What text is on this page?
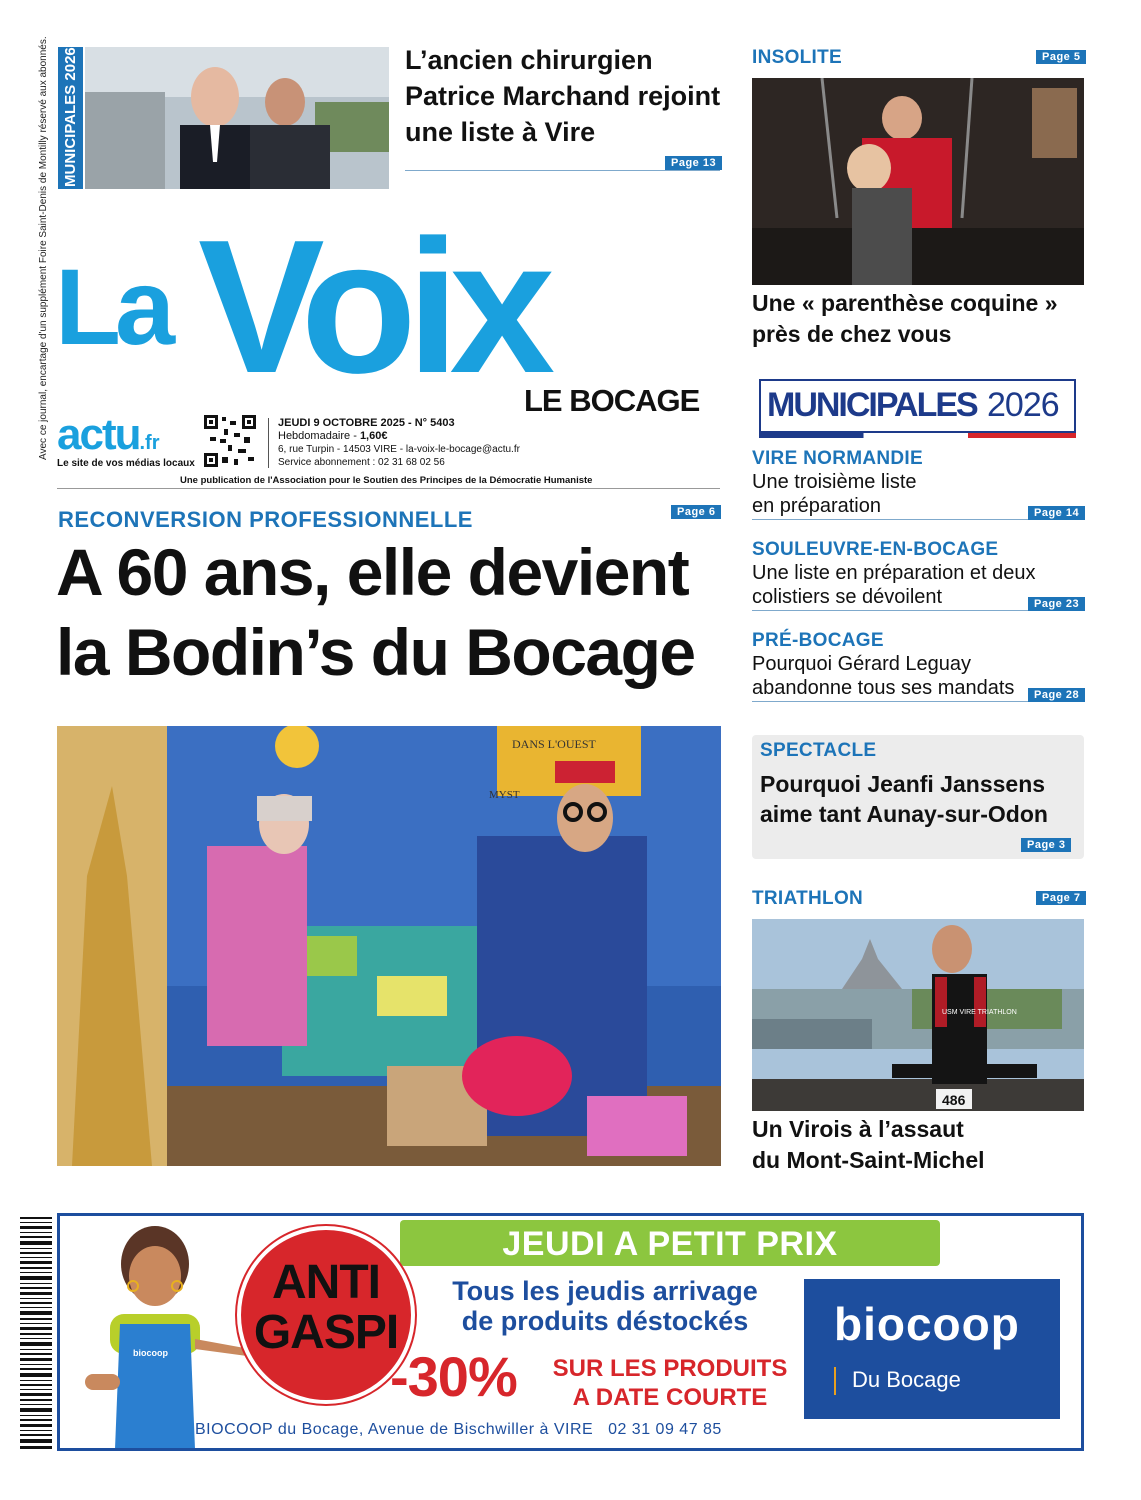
Avec ce journal, encartage d'un supplément Foire Saint-Denis de Montilly réservé aux abonnés. MUNICIPALES 2026	L’ancien chirurgien
Patrice Marchand rejoint
une liste à Vire
Page 13
La Voix
LE BOCAGE
actu.fr
Le site de vos médias locaux
JEUDI 9 OCTOBRE 2025 - N° 5403
Hebdomadaire - 1,60€
6, rue Turpin - 14503 VIRE - la-voix-le-bocage@actu.fr
Service abonnement : 02 31 68 02 56
Une publication de l'Association pour le Soutien des Principes de la Démocratie Humaniste
RECONVERSION PROFESSIONNELLE	Page 6
A 60 ans, elle devient
la Bodin’s du Bocage
DANS L'OUEST
MYST
INSOLITE	Page 5
Une « parenthèse coquine »
près de chez vous
MUNICIPALES 2026
VIRE NORMANDIE
Une troisième liste
en préparation	Page 14
SOULEUVRE-EN-BOCAGE
Une liste en préparation et deux
colistiers se dévoilent	Page 23
PRÉ-BOCAGE
Pourquoi Gérard Leguay
abandonne tous ses mandats	Page 28
SPECTACLE
Pourquoi Jeanfi Janssens
aime tant Aunay-sur-Odon
Page 3
TRIATHLON	Page 7
USM VIRE TRIATHLON
486
Un Virois à l’assaut
du Mont-Saint-Michel
biocoop
JEUDI A PETIT PRIX
ANTI
GASPI
Tous les jeudis arrivage
de produits déstockés
-30%	SUR LES PRODUITS
A DATE COURTE
biocoop
Du Bocage
BIOCOOP du Bocage, Avenue de Bischwiller à VIRE 02 31 09 47 85
